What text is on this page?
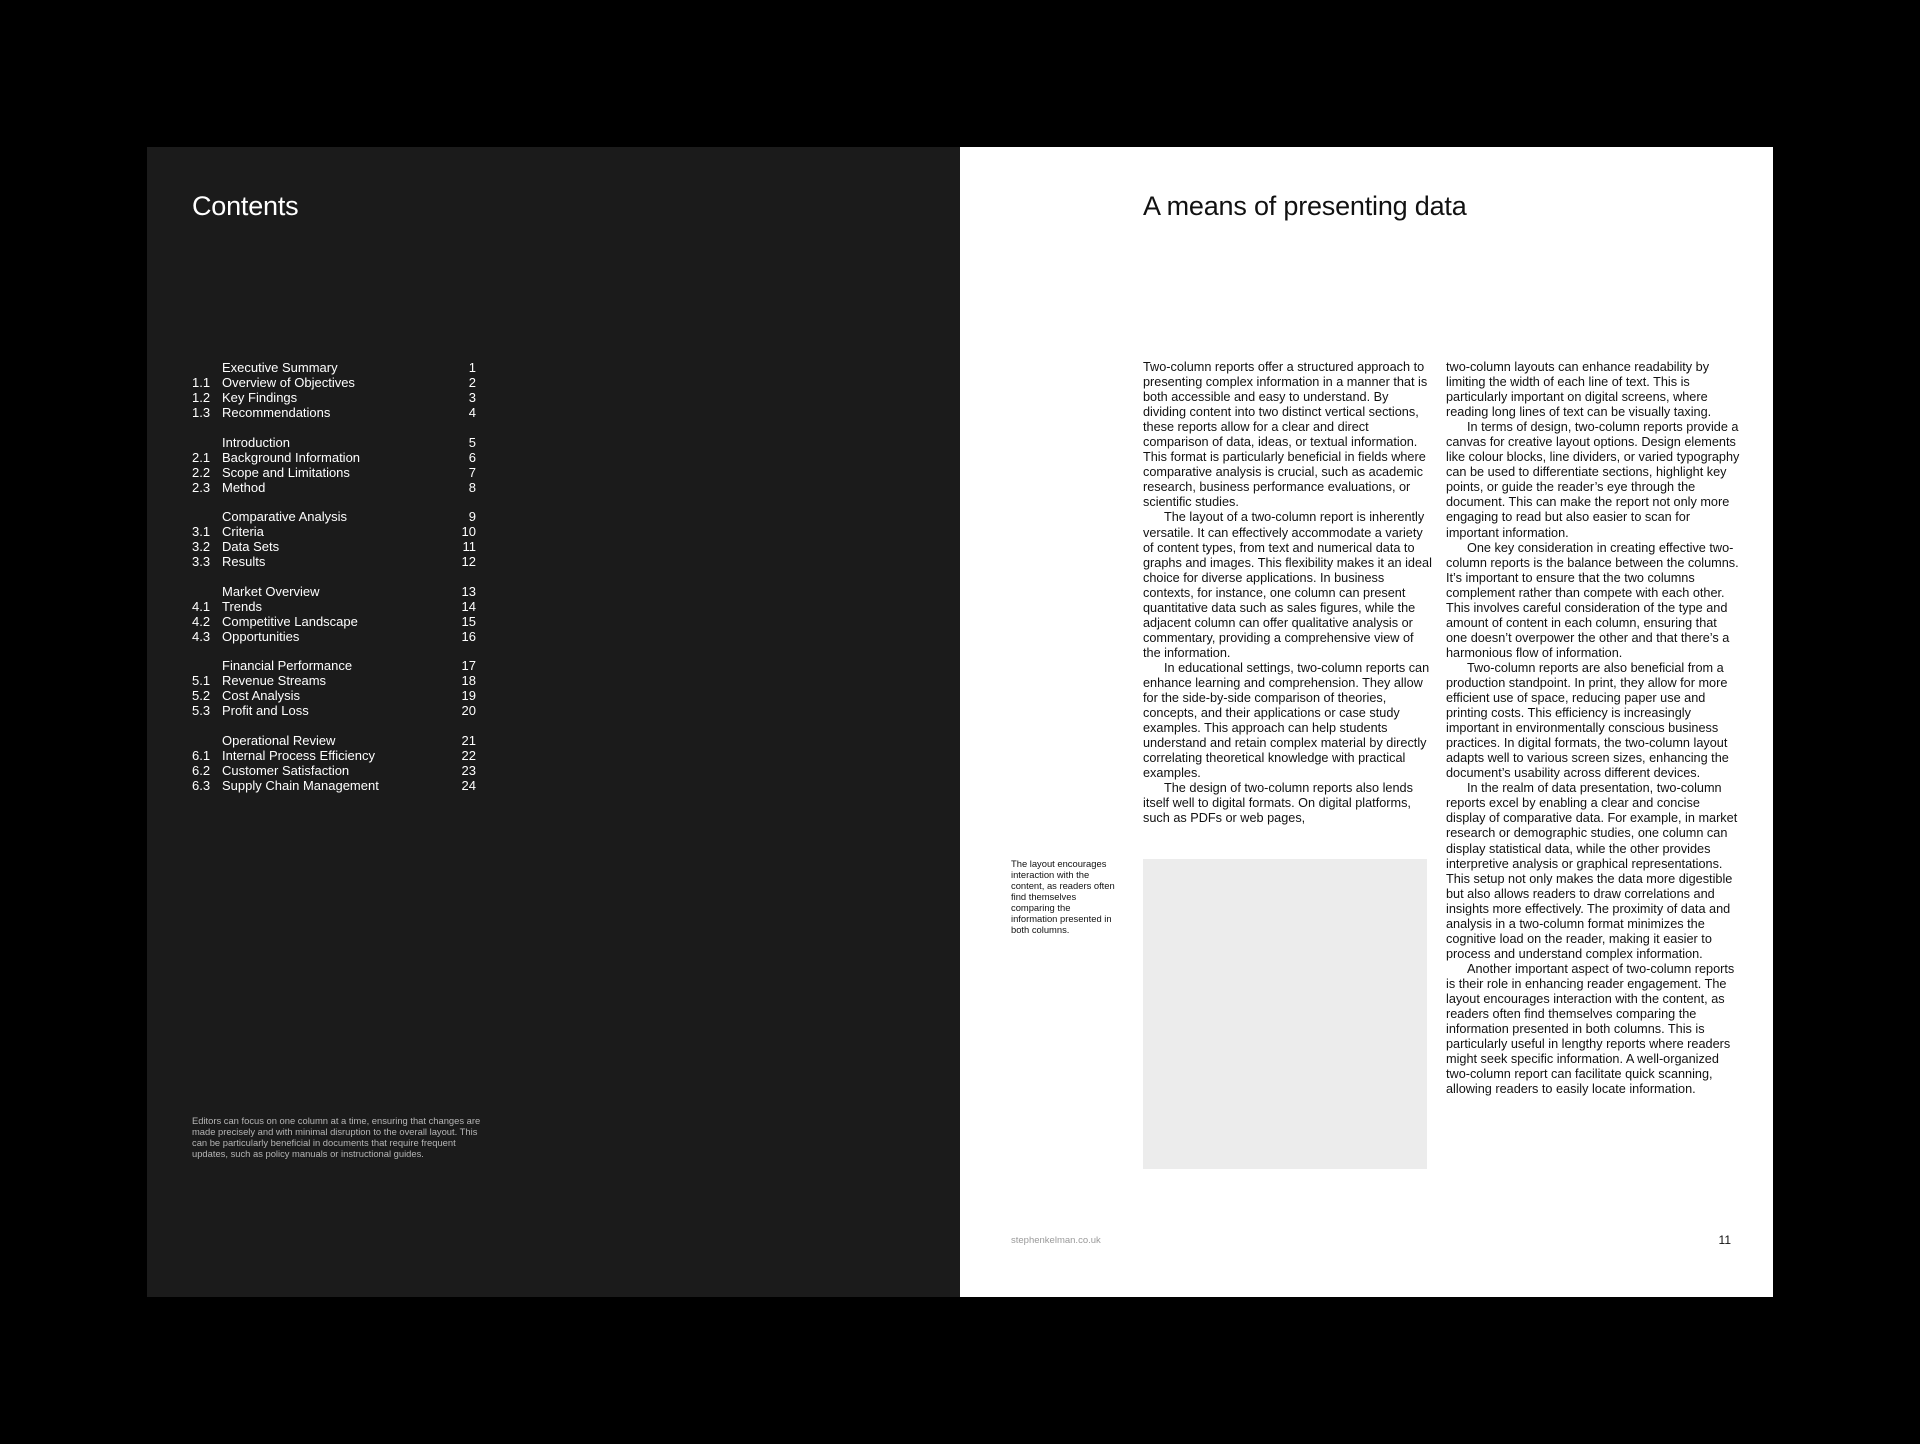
Contents
Executive Summary	1
1.1 Overview of Objectives	2
1.2 Key Findings	3
1.3 Recommendations	4
Introduction	5
2.1 Background Information	6
2.2 Scope and Limitations	7
2.3 Method	8
Comparative Analysis	9
3.1 Criteria	10
3.2 Data Sets	11
3.3 Results	12
Market Overview	13
4.1 Trends	14
4.2 Competitive Landscape	15
4.3 Opportunities	16
Financial Performance	17
5.1 Revenue Streams	18
5.2 Cost Analysis	19
5.3 Profit and Loss	20
Operational Review	21
6.1 Internal Process Efficiency	22
6.2 Customer Satisfaction	23
6.3 Supply Chain Management	24

Editors can focus on one column at a time, ensuring that changes are made precisely and with minimal disruption to the overall layout. This can be particularly beneficial in documents that require frequent updates, such as policy manuals or instructional guides.

A means of presenting data

Two-column reports offer a structured approach to presenting complex information in a manner that is both accessible and easy to understand. By dividing content into two distinct vertical sections, these reports allow for a clear and direct comparison of data, ideas, or textual information. This format is particularly beneficial in fields where comparative analysis is crucial, such as academic research, business performance evaluations, or scientific studies.

The layout of a two-column report is inherently versatile. It can effectively accommodate a variety of content types, from text and numerical data to graphs and images. This flexibility makes it an ideal choice for diverse applications. In business contexts, for instance, one column can present quantitative data such as sales figures, while the adjacent column can offer qualitative analysis or commentary, providing a comprehensive view of the information.

In educational settings, two-column reports can enhance learning and comprehension. They allow for the side-by-side comparison of theories, concepts, and their applications or case study examples. This approach can help students understand and retain complex material by directly correlating theoretical knowledge with practical examples.

The design of two-column reports also lends itself well to digital formats. On digital platforms, such as PDFs or web pages,

two-column layouts can enhance readability by limiting the width of each line of text. This is particularly important on digital screens, where reading long lines of text can be visually taxing.

In terms of design, two-column reports provide a canvas for creative layout options. Design elements like colour blocks, line dividers, or varied typography can be used to differentiate sections, highlight key points, or guide the reader’s eye through the document. This can make the report not only more engaging to read but also easier to scan for important information.

One key consideration in creating effective two-column reports is the balance between the columns. It’s important to ensure that the two columns complement rather than compete with each other. This involves careful consideration of the type and amount of content in each column, ensuring that one doesn’t overpower the other and that there’s a harmonious flow of information.

Two-column reports are also beneficial from a production standpoint. In print, they allow for more efficient use of space, reducing paper use and printing costs. This efficiency is increasingly important in environmentally conscious business practices. In digital formats, the two-column layout adapts well to various screen sizes, enhancing the document’s usability across different devices.

In the realm of data presentation, two-column reports excel by enabling a clear and concise display of comparative data. For example, in market research or demographic studies, one column can display statistical data, while the other provides interpretive analysis or graphical representations. This setup not only makes the data more digestible but also allows readers to draw correlations and insights more effectively. The proximity of data and analysis in a two-column format minimizes the cognitive load on the reader, making it easier to process and understand complex information.

Another important aspect of two-column reports is their role in enhancing reader engagement. The layout encourages interaction with the content, as readers often find themselves comparing the information presented in both columns. This is particularly useful in lengthy reports where readers might seek specific information. A well-organized two-column report can facilitate quick scanning, allowing readers to easily locate information.

The layout encourages interaction with the content, as readers often find themselves comparing the information presented in both columns.

stephenkelman.co.uk	11
